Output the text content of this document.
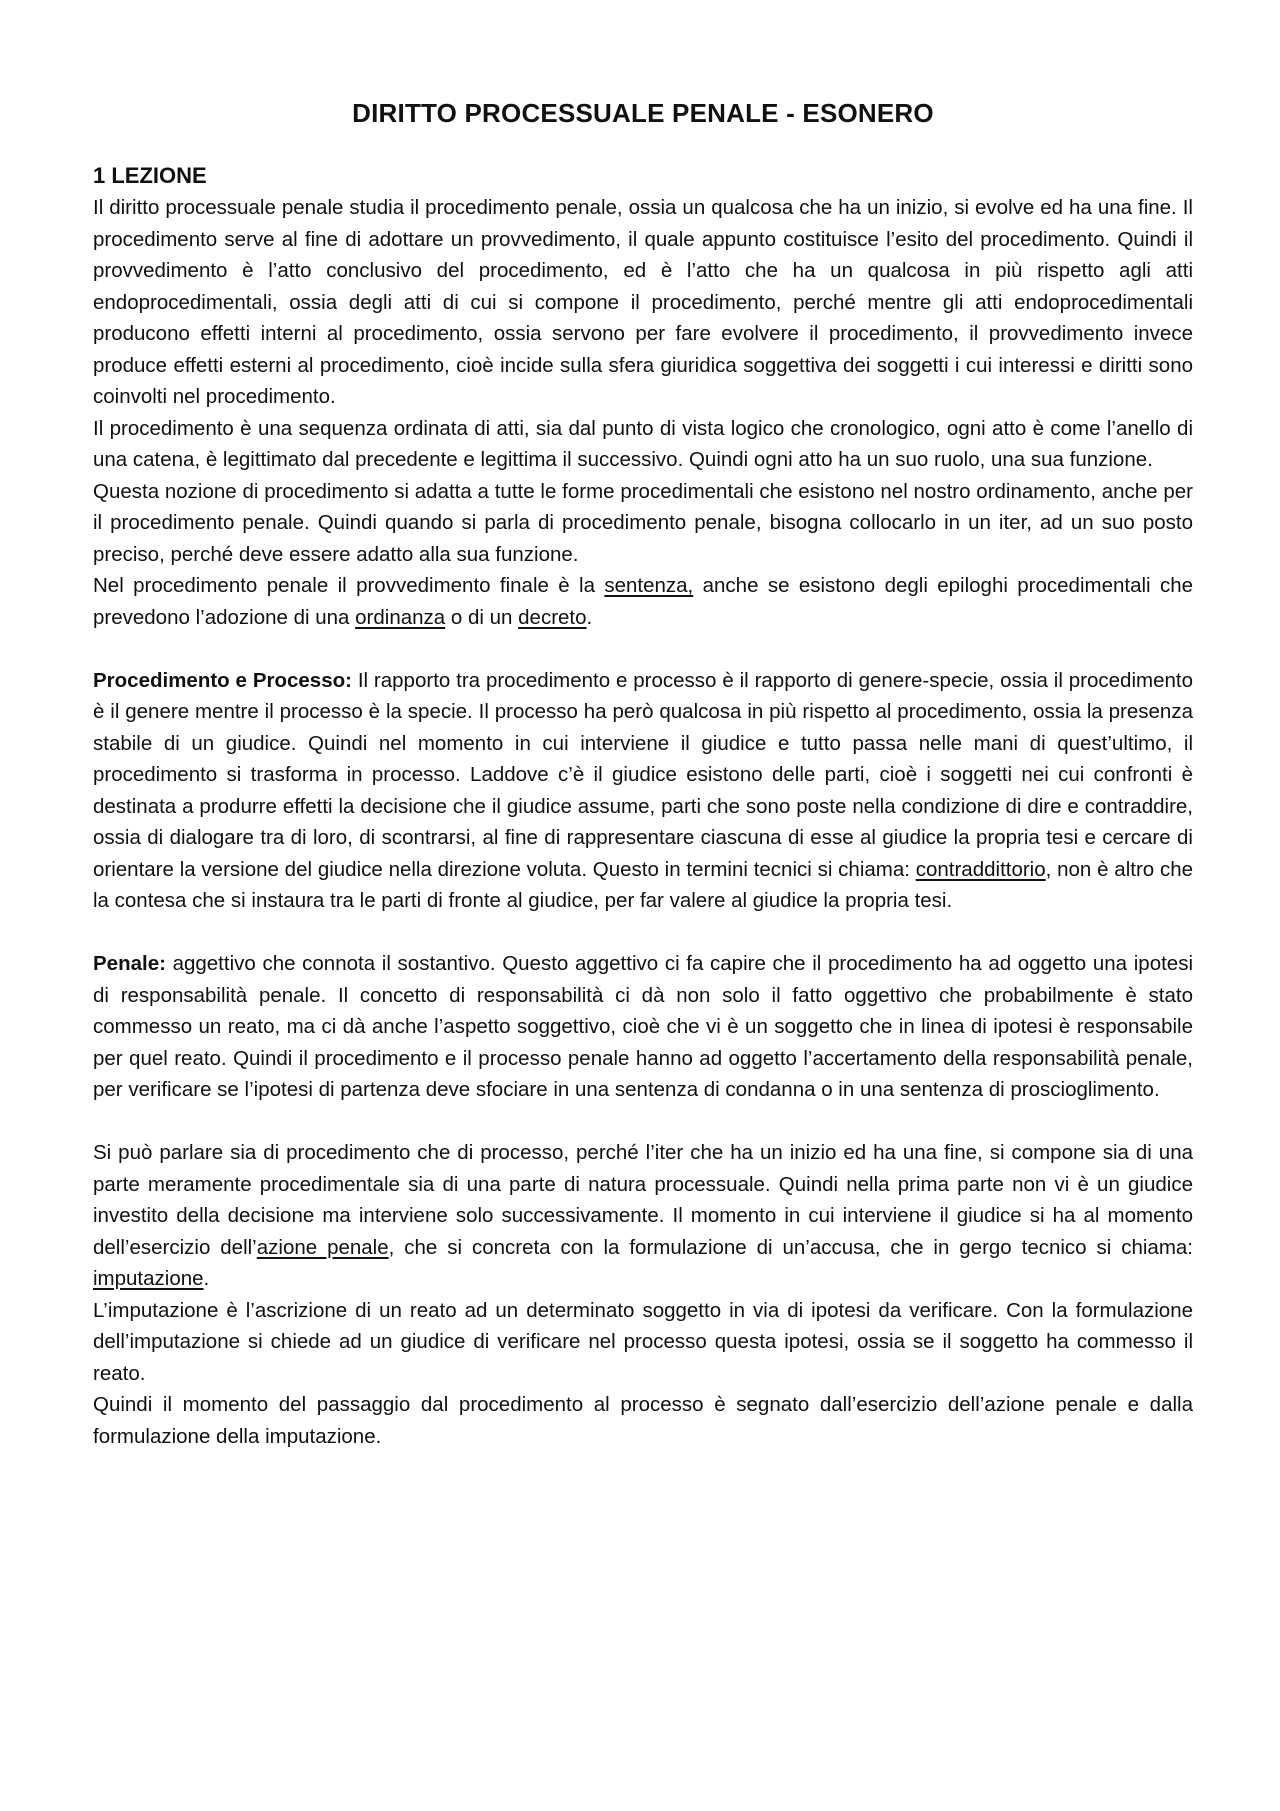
DIRITTO PROCESSUALE PENALE - ESONERO
1 LEZIONE

Il diritto processuale penale studia il procedimento penale, ossia un qualcosa che ha un inizio, si evolve ed ha una fine. Il procedimento serve al fine di adottare un provvedimento, il quale appunto costituisce l’esito del procedimento. Quindi il provvedimento è l’atto conclusivo del procedimento, ed è l’atto che ha un qualcosa in più rispetto agli atti endoprocedimentali, ossia degli atti di cui si compone il procedimento, perché mentre gli atti endoprocedimentali producono effetti interni al procedimento, ossia servono per fare evolvere il procedimento, il provvedimento invece produce effetti esterni al procedimento, cioè incide sulla sfera giuridica soggettiva dei soggetti i cui interessi e diritti sono coinvolti nel procedimento.

Il procedimento è una sequenza ordinata di atti, sia dal punto di vista logico che cronologico, ogni atto è come l’anello di una catena, è legittimato dal precedente e legittima il successivo. Quindi ogni atto ha un suo ruolo, una sua funzione.

Questa nozione di procedimento si adatta a tutte le forme procedimentali che esistono nel nostro ordinamento, anche per il procedimento penale. Quindi quando si parla di procedimento penale, bisogna collocarlo in un iter, ad un suo posto preciso, perché deve essere adatto alla sua funzione.

Nel procedimento penale il provvedimento finale è la sentenza, anche se esistono degli epiloghi procedimentali che prevedono l’adozione di una ordinanza o di un decreto.

Procedimento e Processo: Il rapporto tra procedimento e processo è il rapporto di genere-specie, ossia il procedimento è il genere mentre il processo è la specie. Il processo ha però qualcosa in più rispetto al procedimento, ossia la presenza stabile di un giudice. Quindi nel momento in cui interviene il giudice e tutto passa nelle mani di quest’ultimo, il procedimento si trasforma in processo. Laddove c’è il giudice esistono delle parti, cioè i soggetti nei cui confronti è destinata a produrre effetti la decisione che il giudice assume, parti che sono poste nella condizione di dire e contraddire, ossia di dialogare tra di loro, di scontrarsi, al fine di rappresentare ciascuna di esse al giudice la propria tesi e cercare di orientare la versione del giudice nella direzione voluta. Questo in termini tecnici si chiama: contraddittorio, non è altro che la contesa che si instaura tra le parti di fronte al giudice, per far valere al giudice la propria tesi.

Penale: aggettivo che connota il sostantivo. Questo aggettivo ci fa capire che il procedimento ha ad oggetto una ipotesi di responsabilità penale. Il concetto di responsabilità ci dà non solo il fatto oggettivo che probabilmente è stato commesso un reato, ma ci dà anche l’aspetto soggettivo, cioè che vi è un soggetto che in linea di ipotesi è responsabile per quel reato. Quindi il procedimento e il processo penale hanno ad oggetto l’accertamento della responsabilità penale, per verificare se l’ipotesi di partenza deve sfociare in una sentenza di condanna o in una sentenza di proscioglimento.

Si può parlare sia di procedimento che di processo, perché l’iter che ha un inizio ed ha una fine, si compone sia di una parte meramente procedimentale sia di una parte di natura processuale. Quindi nella prima parte non vi è un giudice investito della decisione ma interviene solo successivamente. Il momento in cui interviene il giudice si ha al momento dell’esercizio dell’azione penale, che si concreta con la formulazione di un’accusa, che in gergo tecnico si chiama: imputazione.

L’imputazione è l’ascrizione di un reato ad un determinato soggetto in via di ipotesi da verificare. Con la formulazione dell’imputazione si chiede ad un giudice di verificare nel processo questa ipotesi, ossia se il soggetto ha commesso il reato.

Quindi il momento del passaggio dal procedimento al processo è segnato dall’esercizio dell’azione penale e dalla formulazione della imputazione.
